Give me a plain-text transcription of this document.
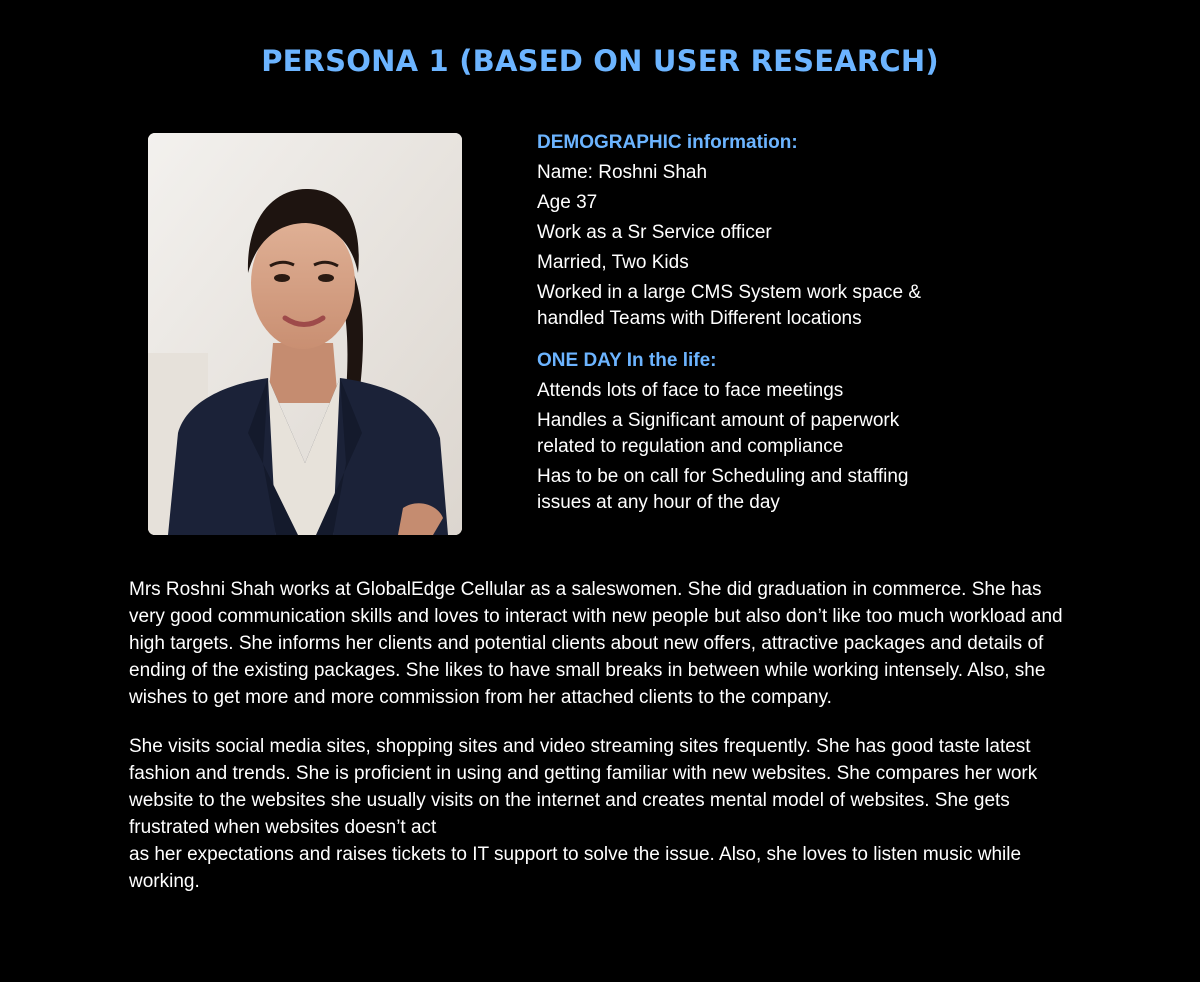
PERSONA 1 (BASED ON USER RESEARCH)
DEMOGRAPHIC information:
Name: Roshni Shah
Age 37
Work as a Sr Service officer
Married, Two Kids
Worked in a large CMS System work space &
handled Teams with Different locations
ONE DAY In the life:
Attends lots of face to face meetings
Handles a Significant amount of paperwork
related to regulation and compliance
Has to be on call for Scheduling and staffing
issues at any hour of the day

Mrs Roshni Shah works at GlobalEdge Cellular as a saleswomen. She did graduation in commerce. She has very good communication skills and loves to interact with new people but also don’t like too much workload and high targets. She informs her clients and potential clients about new offers, attractive packages and details of ending of the existing packages. She likes to have small breaks in between while working intensely. Also, she wishes to get more and more commission from her attached clients to the company.

She visits social media sites, shopping sites and video streaming sites frequently. She has good taste latest fashion and trends. She is proficient in using and getting familiar with new websites. She compares her work website to the websites she usually visits on the internet and creates mental model of websites. She gets frustrated when websites doesn’t act
as her expectations and raises tickets to IT support to solve the issue. Also, she loves to listen music while working.
